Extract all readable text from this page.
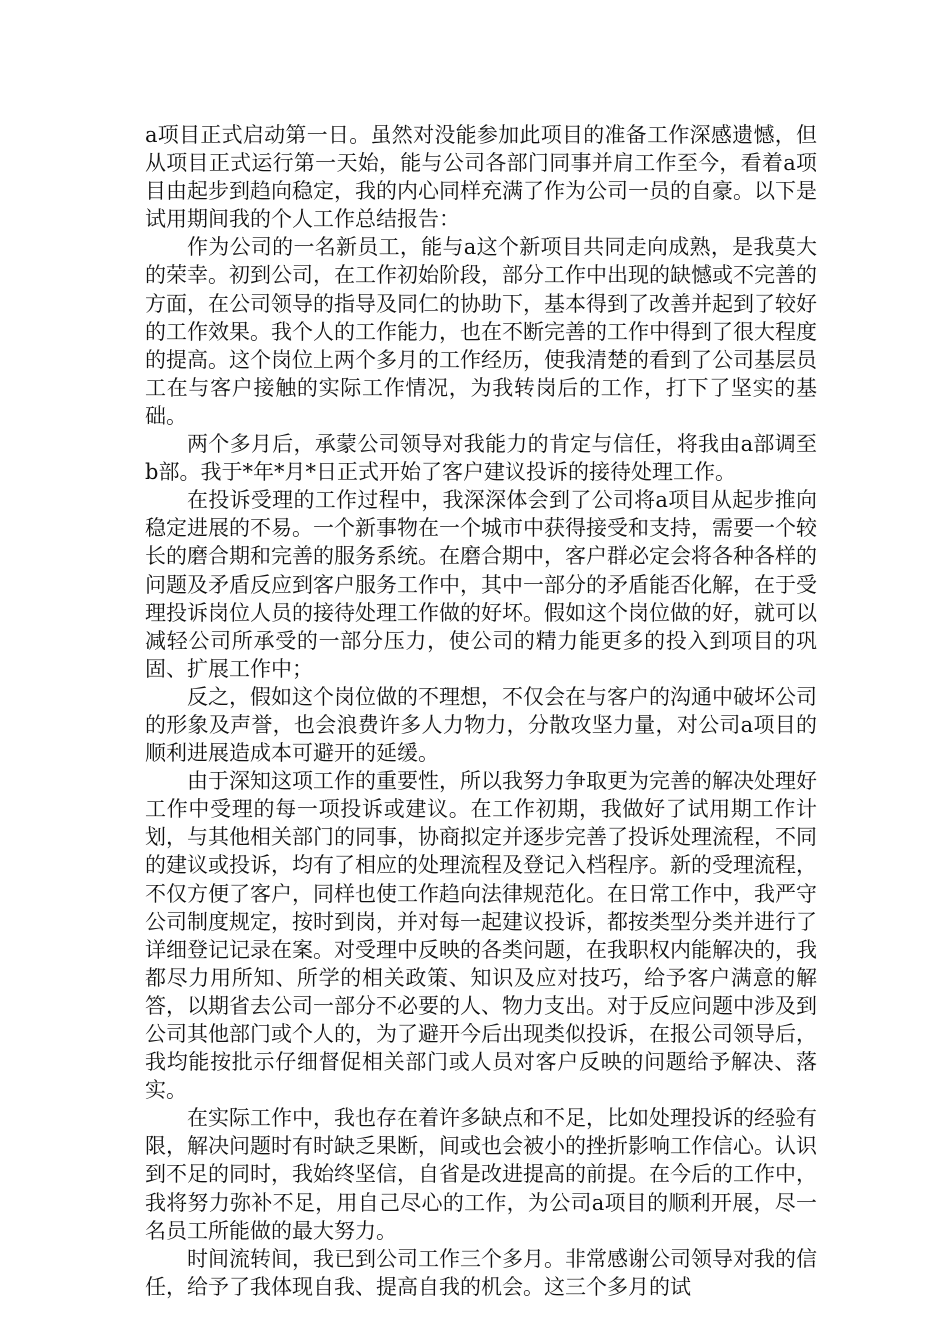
a项目正式启动第一日。虽然对没能参加此项目的准备工作深感遗憾，但从项目正式运行第一天始，能与公司各部门同事并肩工作至今，看着a项目由起步到趋向稳定，我的内心同样充满了作为公司一员的自豪。以下是试用期间我的个人工作总结报告：

作为公司的一名新员工，能与a这个新项目共同走向成熟，是我莫大的荣幸。初到公司，在工作初始阶段，部分工作中出现的缺憾或不完善的方面，在公司领导的指导及同仁的协助下，基本得到了改善并起到了较好的工作效果。我个人的工作能力，也在不断完善的工作中得到了很大程度的提高。这个岗位上两个多月的工作经历，使我清楚的看到了公司基层员工在与客户接触的实际工作情况，为我转岗后的工作，打下了坚实的基础。

两个多月后，承蒙公司领导对我能力的肯定与信任，将我由a部调至b部。我于*年*月*日正式开始了客户建议投诉的接待处理工作。

在投诉受理的工作过程中，我深深体会到了公司将a项目从起步推向稳定进展的不易。一个新事物在一个城市中获得接受和支持，需要一个较长的磨合期和完善的服务系统。在磨合期中，客户群必定会将各种各样的问题及矛盾反应到客户服务工作中，其中一部分的矛盾能否化解，在于受理投诉岗位人员的接待处理工作做的好坏。假如这个岗位做的好，就可以减轻公司所承受的一部分压力，使公司的精力能更多的投入到项目的巩固、扩展工作中；

反之，假如这个岗位做的不理想，不仅会在与客户的沟通中破坏公司的形象及声誉，也会浪费许多人力物力，分散攻坚力量，对公司a项目的顺利进展造成本可避开的延缓。

由于深知这项工作的重要性，所以我努力争取更为完善的解决处理好工作中受理的每一项投诉或建议。在工作初期，我做好了试用期工作计划，与其他相关部门的同事，协商拟定并逐步完善了投诉处理流程，不同的建议或投诉，均有了相应的处理流程及登记入档程序。新的受理流程，不仅方便了客户，同样也使工作趋向法律规范化。在日常工作中，我严守公司制度规定，按时到岗，并对每一起建议投诉，都按类型分类并进行了详细登记记录在案。对受理中反映的各类问题，在我职权内能解决的，我都尽力用所知、所学的相关政策、知识及应对技巧，给予客户满意的解答，以期省去公司一部分不必要的人、物力支出。对于反应问题中涉及到公司其他部门或个人的，为了避开今后出现类似投诉，在报公司领导后，我均能按批示仔细督促相关部门或人员对客户反映的问题给予解决、落实。

在实际工作中，我也存在着许多缺点和不足，比如处理投诉的经验有限，解决问题时有时缺乏果断，间或也会被小的挫折影响工作信心。认识到不足的同时，我始终坚信，自省是改进提高的前提。在今后的工作中，我将努力弥补不足，用自己尽心的工作，为公司a项目的顺利开展，尽一名员工所能做的最大努力。

时间流转间，我已到公司工作三个多月。非常感谢公司领导对我的信任，给予了我体现自我、提高自我的机会。这三个多月的试
